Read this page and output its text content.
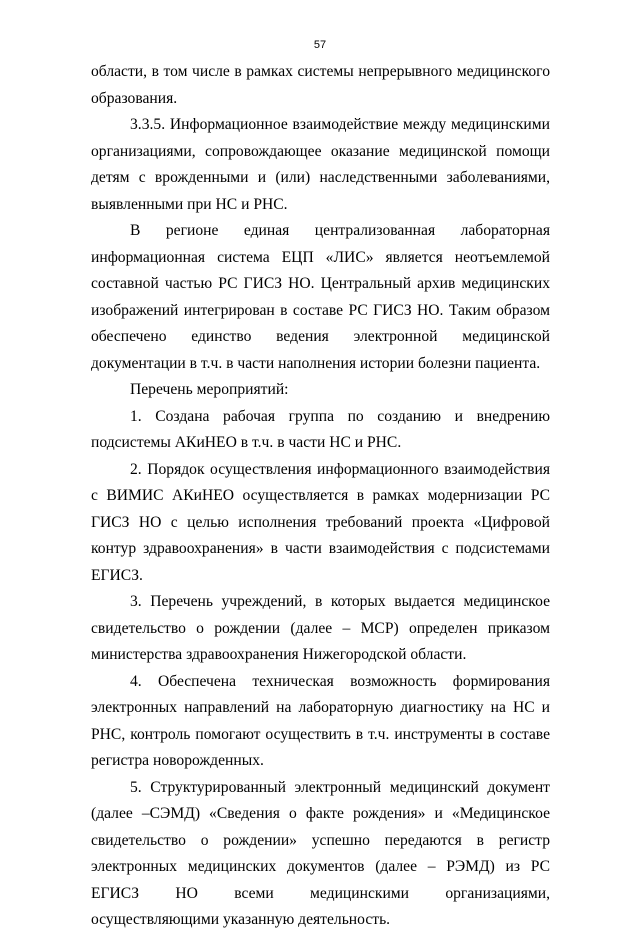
57

области, в том числе в рамках системы непрерывного медицинского образования.

3.3.5. Информационное взаимодействие между медицинскими организациями, сопровождающее оказание медицинской помощи детям с врожденными и (или) наследственными заболеваниями, выявленными при НС и РНС.

В регионе единая централизованная лабораторная информационная система ЕЦП «ЛИС» является неотъемлемой составной частью РС ГИСЗ НО. Центральный архив медицинских изображений интегрирован в составе РС ГИСЗ НО. Таким образом обеспечено единство ведения электронной медицинской документации в т.ч. в части наполнения истории болезни пациента.

Перечень мероприятий:

1. Создана рабочая группа по созданию и внедрению подсистемы АКиНЕО в т.ч. в части НС и РНС.

2. Порядок осуществления информационного взаимодействия с ВИМИС АКиНЕО осуществляется в рамках модернизации РС ГИСЗ НО с целью исполнения требований проекта «Цифровой контур здравоохранения» в части взаимодействия с подсистемами ЕГИСЗ.

3. Перечень учреждений, в которых выдается медицинское свидетельство о рождении (далее – МСР) определен приказом министерства здравоохранения Нижегородской области.

4. Обеспечена техническая возможность формирования электронных направлений на лабораторную диагностику на НС и РНС, контроль помогают осуществить в т.ч. инструменты в составе регистра новорожденных.

5. Структурированный электронный медицинский документ (далее –СЭМД) «Сведения о факте рождения» и «Медицинское свидетельство о рождении» успешно передаются в регистр электронных медицинских документов (далее – РЭМД) из РС ЕГИСЗ НО всеми медицинскими организациями, осуществляющими указанную деятельность.
